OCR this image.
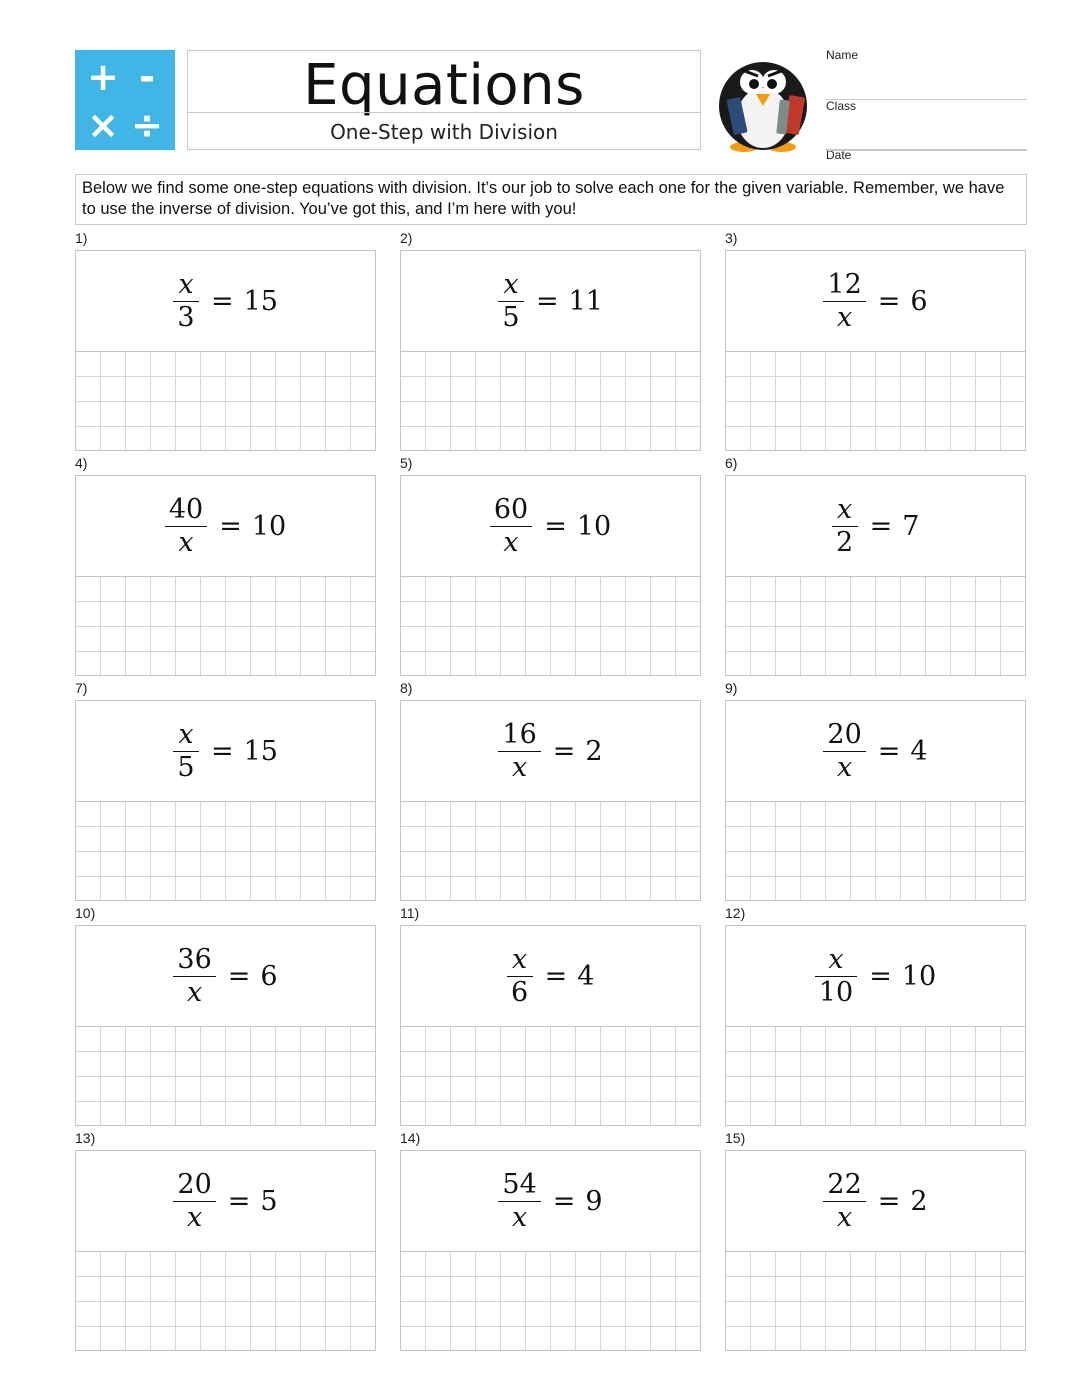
+ -
× ÷
Equations
One-Step with Division
Name
Class
Date
Below we find some one-step equations with division. It’s our job to solve each one for the given variable. Remember, we have to use the inverse of division. You’ve got this, and I’m here with you!
1)
$\frac{x}{3} = 15$
2)
$\frac{x}{5} = 11$
3)
$\frac{12}{x} = 6$
4)
$\frac{40}{x} = 10$
5)
$\frac{60}{x} = 10$
6)
$\frac{x}{2} = 7$
7)
$\frac{x}{5} = 15$
8)
$\frac{16}{x} = 2$
9)
$\frac{20}{x} = 4$
10)
$\frac{36}{x} = 6$
11)
$\frac{x}{6} = 4$
12)
$\frac{x}{10} = 10$
13)
$\frac{20}{x} = 5$
14)
$\frac{54}{x} = 9$
15)
$\frac{22}{x} = 2$
